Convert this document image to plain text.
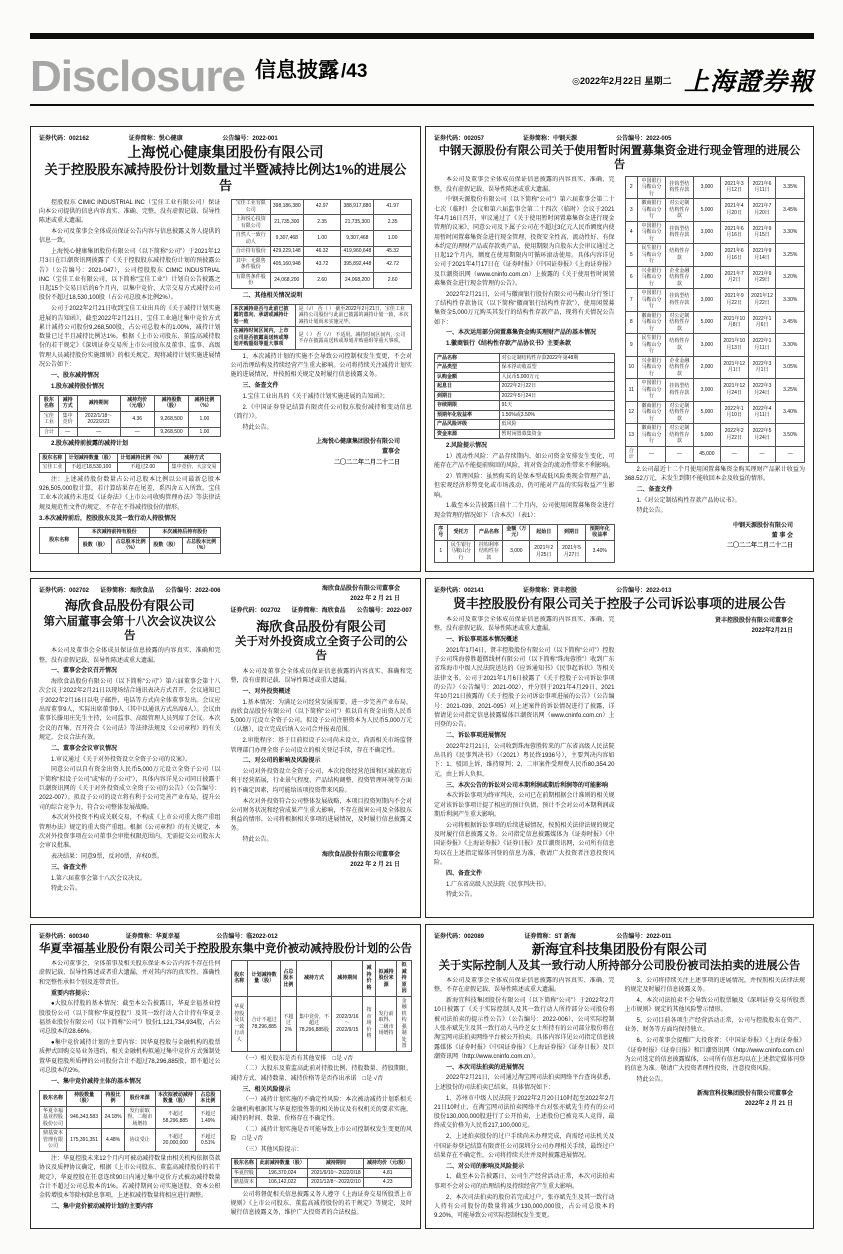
Disclosure 信息披露 /43	◎2022年2月22日 星期二 上海證券報
证券代码：002162	证券简称：悦心健康	公告编号：2022-001
上海悦心健康集团股份有限公司
关于控股股东减持股份计划数量过半暨减持比例达1%的进展公告
控股股东 CIMIC INDUSTRIAL INC（宝佳工业有限公司）保证向本公司提供的信息内容真实、准确、完整，没有虚假记载、误导性陈述或重大遗漏。
本公司及董事会全体成员保证公告内容与信息披露义务人提供的信息一致。
上海悦心健康集团股份有限公司（以下简称“公司”）于2021年12月3日在巨潮资讯网披露了《关于控股股东减持股份计划的预披露公告》（公告编号：2021-047），公司控股股东 CIMIC INDUSTRIAL INC（宝佳工业有限公司，以下简称“宝佳工业”）计划自公告披露之日起15个交易日后的6个月内，以集中竞价、大宗交易方式减持公司股份不超过18,530,100股（占公司总股本比例2%）。
公司于2022年2月21日收到宝佳工业出具的《关于减持计划实施进展的告知函》，截至2022年2月21日，宝佳工业通过集中竞价方式累计减持公司股份9,268,500股，占公司总股本的1.00%，减持计划数量已过半且减持比例达1%。根据《上市公司股东、董监高减持股份的若干规定》《深圳证券交易所上市公司股东及董事、监事、高级管理人员减持股份实施细则》的相关规定，现将减持计划实施进展情况公告如下：
一、股东减持情况
1.股东减持股份情况
股东名称	减持方式	减持期间	减持均价（元/股）	减持股数（股）	减持比例（%）
宝佳工业	集中竞价	2022/1/18～2022/2/21	4.36	9,268,500	1.00
合计	—	—	—	9,268,500	1.00
2.股东减持前披露的减持计划
股东名称	计划减持数量（股）	计划减持比例（%）	减持方式
宝佳工业	不超过18,530,100	不超过2.00	集中竞价、大宗交易
注：上述减持股份数量占公司总股本比例以公司最新总股本926,505,000股计算，若计算结果存在尾差，系四舍五入所致。宝佳工业本次减持未违反《证券法》《上市公司收购管理办法》等法律法规及规范性文件的规定，不存在不得减持股份的情形。
3.本次减持前后，控股股东及其一致行动人持股情况
股东名称	本次减持前持有股份	本次减持后持有股份
股数（股）	占总股本比例（%）	股数（股）	占总股本比例（%）
宝佳工业有限公司	398,186,380	42.97	388,917,880	41.97
上海悦心投资有限公司	21,735,300	2.35	21,735,300	2.35
自然人一致行动人	9,307,468	1.00	9,307,468	1.00
合计持有股份	429,229,148	46.32	419,960,648	45.32
其中：无限售条件股份	405,160,948	43.72	395,892,448	42.72
有限售条件股份	24,068,200	2.60	24,068,200	2.60
二、其他相关情况说明
本次减持是否与此前已披露的意向、承诺或减持计划一致	是（√） 否（ ） 截至2022年2月21日，宝佳工业减持公司股份与此前已披露的减持计划一致，本次减持计划尚未实施完毕。
在减持时间区间内，上市公司是否披露高送转或筹划并购重组等重大事项	是（ ） 否（√） 不适用。减持时间区间内，公司不存在披露高送转或筹划并购重组等重大事项。
1、本次减持计划的实施不会导致公司控制权发生变更，不会对公司治理结构及持续经营产生重大影响。公司将持续关注减持计划实施的进展情况，并按照相关规定及时履行信息披露义务。
三、备查文件
1.宝佳工业出具的《关于减持计划实施进展的告知函》；
2.《中国证券登记结算有限责任公司股东股份减持和变动信息（简行）》。
特此公告。
上海悦心健康集团股份有限公司
董事会
二〇二二年二月二十二日
证券代码：002057	证券简称：中钢天源	公告编号：2022-005
中钢天源股份有限公司关于使用暂时闲置募集资金进行现金管理的进展公告
本公司及董事会全体成员保证信息披露的内容真实、准确、完整，没有虚假记载、误导性陈述或重大遗漏。
中钢天源股份有限公司（以下简称“公司”）第六届董事会第二十七次（临时）会议和第六届监事会第二十四次（临时）会议于2021年4月16日召开，审议通过了《关于使用暂时闲置募集资金进行现金管理的议案》，同意公司及下属子公司在不超过3亿元人民币额度内使用暂时闲置募集资金进行现金管理，投资安全性高、流动性好、有保本约定的理财产品或存款类产品，使用期限为自股东大会审议通过之日起12个月内，额度在使用期限内可循环滚动使用。具体内容详见公司于2021年4月17日在《证券时报》《中国证券报》《上海证券报》及巨潮资讯网（www.cninfo.com.cn）上披露的《关于使用暂时闲置募集资金进行现金管理的公告》。
2022年2月21日，公司与徽商银行股份有限公司马鞍山分行签订了结构性存款协议（以下简称“徽商银行结构性存款”），使用闲置募集资金5,000万元购买其发行的结构性存款产品，现将有关情况公告如下：
一、本次运用部分闲置募集资金购买理财产品的基本情况
1.徽商银行《结构性存款产品协议书》主要条款
产品名称	对公定制结构性存款2022年第48期
产品类型	保本浮动收益型
认购金额	人民币5,000万元
起息日	2022年2月22日
到期日	2022年5月24日
存续期限	91天
预期年化收益率	1.50%或3.50%
产品风险评级	低风险
资金来源	暂时闲置募集资金
2.风险提示情况
1）流动性风险：产品存续期内，如公司资金安排发生变化，可能存在产品不能提前赎回的风险，将对资金的流动性带来不利影响。
2）管理风险：虽然购买的是保本型或低风险类现金管理产品，但宏观经济形势变化或市场波动，仍可能对产品的实际收益产生影响。
1.截至本公告披露日前十二个月内，公司使用闲置募集资金进行现金管理的情况如下（含本次）（表1）：
序号	受托方	产品名称	金额（万元）	起始日	到期日	预期年化收益率
1	民生银行马鞍山分行	挂钩利率结构性存款	3,000	2021年2月25日	2021年5月27日	3.40%
2	中国银行马鞍山分行	挂钩型结构性存款	3,000	2021年3月12日	2021年6月11日	3.35%
3	徽商银行马鞍山分行	对公定制结构性存款	5,000	2021年4月20日	2021年7月20日	3.45%
4	中国银行马鞍山分行	挂钩型结构性存款	3,000	2021年6月16日	2021年9月15日	3.30%
5	民生银行马鞍山分行	结构性存款	3,000	2021年6月16日	2021年9月14日	3.25%
6	兴业银行马鞍山分行	企业金融结构性存款	2,000	2021年7月2日	2021年9月29日	3.20%
7	中国银行马鞍山分行	挂钩型结构性存款	3,000	2021年9月22日	2021年12月22日	3.30%
8	徽商银行马鞍山分行	对公定制结构性存款	5,000	2021年10月8日	2022年1月6日	3.45%
9	民生银行马鞍山分行	结构性存款	3,000	2021年10月13日	2022年1月11日	3.30%
10	兴业银行马鞍山分行	企业金融结构性存款	2,000	2021年12月1日	2022年3月1日	3.05%
11	中国银行马鞍山分行	挂钩型结构性存款	3,000	2021年12月24日	2022年3月24日	3.25%
12	徽商银行马鞍山分行	对公定制结构性存款	5,000	2022年1月10日	2022年4月11日	3.40%
13	徽商银行马鞍山分行	对公定制结构性存款	5,000	2022年2月22日	2022年5月24日	3.50%
合计	—	—	45,000	—	—	—
2.公司最近十二个月使用闲置募集资金购买理财产品累计收益为368.52万元，未发生到期不能收回本金及收益的情形。
二、备查文件
1.《对公定制结构性存款产品协议书》。
特此公告。
中钢天源股份有限公司
董 事 会
二〇二二年二月二十二日
证券代码：002702 证券简称：海欣食品 公告编号：2022-006
海欣食品股份有限公司
第六届董事会第十八次会议决议公告
本公司及董事会全体成员保证信息披露的内容真实、准确和完整，没有虚假记载、误导性陈述或重大遗漏。
一、董事会会议召开情况
海欣食品股份有限公司（以下简称“公司”）第六届董事会第十八次会议于2022年2月21日以现场结合通讯表决方式召开，会议通知已于2022年2月16日以电子邮件、电话等方式向全体董事发出。会议应出席董事9人，实际出席董事9人（其中以通讯方式出席6人）。会议由董事长滕用庄先生主持，公司监事、高级管理人员列席了会议。本次会议的召集、召开符合《公司法》等法律法规及《公司章程》的有关规定，会议合法有效。
二、董事会会议审议情况
1.审议通过《关于对外投资设立全资子公司的议案》。
同意公司以自有资金出资人民币5,000万元设立全资子公司（以下简称“拟设子公司”或“标的子公司”），具体内容详见公司同日披露于巨潮资讯网的《关于对外投资成立全资子公司的公告》（公告编号：2022-007）。拟设子公司的设立将有利于公司完善产业布局，提升公司的综合竞争力，符合公司整体发展战略。
本次对外投资不构成关联交易，不构成《上市公司重大资产重组管理办法》规定的重大资产重组。根据《公司章程》的有关规定，本次对外投资事项在公司董事会审批权限范围内，无需提交公司股东大会审议批准。
表决结果：同意9票，反对0票，弃权0票。
三、备查文件
1.第六届董事会第十八次会议决议。
特此公告。
海欣食品股份有限公司董事会
2022 年 2 月 21 日
证券代码：002702 证券简称：海欣食品 公告编号：2022-007
海欣食品股份有限公司
关于对外投资成立全资子公司的公告
本公司及董事会全体成员保证信息披露的内容真实、准确和完整，没有虚假记载、误导性陈述或重大遗漏。
一、对外投资概述
1.基本情况：为满足公司经营发展需要，进一步完善产业布局，海欣食品股份有限公司（以下简称“公司”）拟以自有资金出资人民币5,000万元设立全资子公司。拟设子公司注册资本为人民币5,000万元（认缴），设立完成后纳入公司合并报表范围。
2.审批程序：基于目前拟设子公司尚未设立，尚需相关市场监督管理部门办理全资子公司设立的相关登记手续，存在不确定性。
二、对公司的影响及风险提示
公司对外投资设立全资子公司，本次投资经营范围和区域拓宽后利于经营拓展，行业景气程度、产品结构调整、投资管理环境等方面的不确定因素，均可能给该项投资带来风险。
本次对外投资符合公司整体发展战略，本项目投资短期内不会对公司财务状况和经营成果产生重大影响，不存在损害公司及全体股东利益的情形。公司将根据相关事项的进展情况，及时履行信息披露义务。
特此公告。
海欣食品股份有限公司董事会
2022 年 2 月 21 日
证券代码：002141	证券简称：贤丰控股	公告编号：2022-013
贤丰控股股份有限公司关于控股子公司诉讼事项的进展公告
本公司及董事会全体成员保证信息披露的内容真实、准确、完整，没有虚假记载、误导性陈述或重大遗漏。
一、诉讼事项基本情况概述
2021年1月4日，贤丰控股股份有限公司（以下简称“公司”）控股子公司珠海蓉胜超微线材有限公司（以下简称“珠海蓉胜”）收到广东省珠海市中级人民法院送达的《应诉通知书》《民事起诉状》等相关法律文书。公司于2021年1月6日披露了《关于控股子公司诉讼事项的公告》（公告编号：2021-002），并分别于2021年4月29日、2021年10月21日披露的《关于控股子公司诉讼事项进展的公告》（公告编号：2021-039、2021-095）对上述案件的诉讼情况进行了披露，详情请见公司指定信息披露媒体巨潮资讯网（www.cninfo.com.cn）上刊登的公告。
二、诉讼事项进展情况
2022年2月21日，公司收到珠海蓉胜转来的广东省高级人民法院出具的《民事判决书》（（2021）粤民终1936号），主要判决内容如下：1、驳回上诉，维持原判；2、二审案件受理费人民币80,354.20元，由上诉人负担。
三、本次公告的诉讼对公司本期利润或期后利润等的可能影响
本次诉讼事项为终审判决，公司已在前期根据会计准则的相关规定对该诉讼事项计提了相应的预计负债，预计不会对公司本期利润或期后利润产生重大影响。
公司将根据诉讼事项的后续进展情况，按照相关法律法规的规定及时履行信息披露义务。公司指定信息披露媒体为《证券时报》《中国证券报》《上海证券报》《证券日报》及巨潮资讯网，公司所有信息均以在上述指定媒体刊登的信息为准，敬请广大投资者注意投资风险。
四、备查文件
1.广东省高级人民法院《民事判决书》。
特此公告。
贤丰控股股份有限公司董事会
2022年2月21日
证券代码：600340	证券简称：华夏幸福	公告编号：临2022-012
华夏幸福基业股份有限公司关于控股股东集中竞价被动减持股份计划的公告
本公司董事会、全体董事及相关股东保证本公告内容不存在任何虚假记载、误导性陈述或者重大遗漏，并对其内容的真实性、准确性和完整性承担个别及连带责任。
重要内容提示：
●大股东持股的基本情况：截至本公告披露日，华夏幸福基业控股股份公司（以下简称“华夏控股”）及其一致行动人合计持有华夏幸福基业股份有限公司（以下简称“公司”）股份1,121,734,934股，占公司总股本的28.66%。
●集中竞价减持计划的主要内容：因华夏控股与金融机构的股票质押式回购交易业务违约，相关金融机构拟通过集中竞价方式强制处置华夏控股所质押的公司股份合计不超过78,296,885股，即不超过公司总股本的2%。
一、集中竞价减持主体的基本情况
股东名称	持股数量（股）	持股比例	股份来源	本次拟被动减持数量（股）	占总股本比例
华夏幸福基业控股股份公司	946,343,583	24.18%	发行前取得、二级市场增持	不超过58,296,885	不超过1.49%
鼎基资本管理有限公司	175,391,351	4.48%	协议受让	不超过20,000,000	不超过0.51%
注：华夏控股未来12个月内可被动减持数量由相关机构依据贷款协议及质押协议确定，根据《上市公司股东、董监高减持股份的若干规定》，华夏控股在任意连续90日内通过集中竞价方式被动减持数量合计不超过公司总股本的1%。若减持期间公司实施送股、资本公积金转增股本等除权除息事项，上述拟减持数量将相应进行调整。
二、集中竞价被动减持计划的主要内容
股东名称	计划减持数量（股）	占总股本比例	减持方式	减持期间	减持价格	拟减持股份来源	拟减持原因
华夏控股及其一致行动人	合计不超过78,296,885	不超过2%	集中竞价，不超过78,296,885股	2022/3/16～2022/9/15	按市场价格	发行前取得、二级市场增持	金融机构强制处置
（一）相关股东是否有其他安排　□是 √否
（二）大股东及董监高此前对持股比例、持股数量、持股期限、减持方式、减持数量、减持价格等是否作出承诺　□是 √否
三、相关风险提示
（一）减持计划实施的不确定性风险：本次被动减持计划系相关金融机构根据其与华夏控股签署的相关协议及有权机关的要求实施，减持的时间、数量、价格存在不确定性。
（二）减持计划实施是否可能导致上市公司控制权发生变更的风险　□是 √否
（三）其他风险提示：
股东名称	此前减持数量（股）	减持期间	减持均价（元/股）
华夏控股	196,370,024	2021/9/10～2022/2/18	4.81
鼎基资本	106,142,022	2021/12/8～2022/2/10	4.23
公司将督促相关信息披露义务人遵守《上海证券交易所股票上市规则》《上市公司股东、董监高减持股份的若干规定》等规定，及时履行信息披露义务，维护广大投资者的合法权益。
证券代码：002089	证券简称：ST 新海	公告编号：2022-011
新海宜科技集团股份有限公司
关于实际控制人及其一致行动人所持部分公司股份被司法拍卖的进展公告
本公司及董事会全体成员保证信息披露的内容真实、准确、完整，不存在虚假记载、误导性陈述或重大遗漏。
新海宜科技集团股份有限公司（以下简称“公司”）于2022年2月10日披露了《关于实际控制人及其一致行动人所持部分公司股份将被司法拍卖的提示性公告》（公告编号：2022-006），公司实际控制人张亦斌先生及其一致行动人马玲芝女士所持有的公司部分股份将在淘宝网司法拍卖网络平台被公开拍卖。具体内容详见公司指定信息披露媒体《证券时报》《中国证券报》《上海证券报》《证券日报》及巨潮资讯网（http://www.cninfo.com.cn）。
一、本次司法拍卖的进展情况
2022年2月21日，公司通过淘宝网司法拍卖网络平台查询获悉，上述股份的司法拍卖已结束，具体情况如下：
1、苏州市中级人民法院于2022年2月20日10时起至2022年2月21日10时止，在淘宝网司法拍卖网络平台对张亦斌先生持有的公司股份130,000,000股进行了公开拍卖，上述股份已被竞买人竞得，最终成交价格为人民币217,100,000元。
2、上述拍卖股份的过户手续尚未办理完成，尚需经司法机关及中国证券登记结算有限责任公司深圳分公司办理相关手续，最终过户结果存在不确定性，公司将持续关注并及时披露进展情况。
二、对公司的影响及风险提示
1、截至本公告披露日，公司生产经营活动正常，本次司法拍卖事项不会对公司的治理结构及持续经营产生重大影响。
2、本次司法拍卖的股份若完成过户，张亦斌先生及其一致行动人持有公司股份的数量将减少130,000,000股，占公司总股本的9.20%，可能导致公司实际控制权发生变更。
3、公司将持续关注上述事项的进展情况，并按照相关法律法规的规定及时履行信息披露义务。
4、本次司法拍卖不会导致公司股票触及《深圳证券交易所股票上市规则》规定的其他风险警示情形。
5、公司目前各项生产经营活动正常，公司与控股股东在资产、业务、财务等方面均保持独立。
6、公司董事会提醒广大投资者：《中国证券报》《上海证券报》《证券时报》《证券日报》和巨潮资讯网（http://www.cninfo.com.cn）为公司选定的信息披露媒体，公司所有信息均以在上述指定媒体刊登的信息为准。敬请广大投资者理性投资，注意投资风险。
特此公告。
新海宜科技集团股份有限公司董事会
2022年 2 月 21 日
